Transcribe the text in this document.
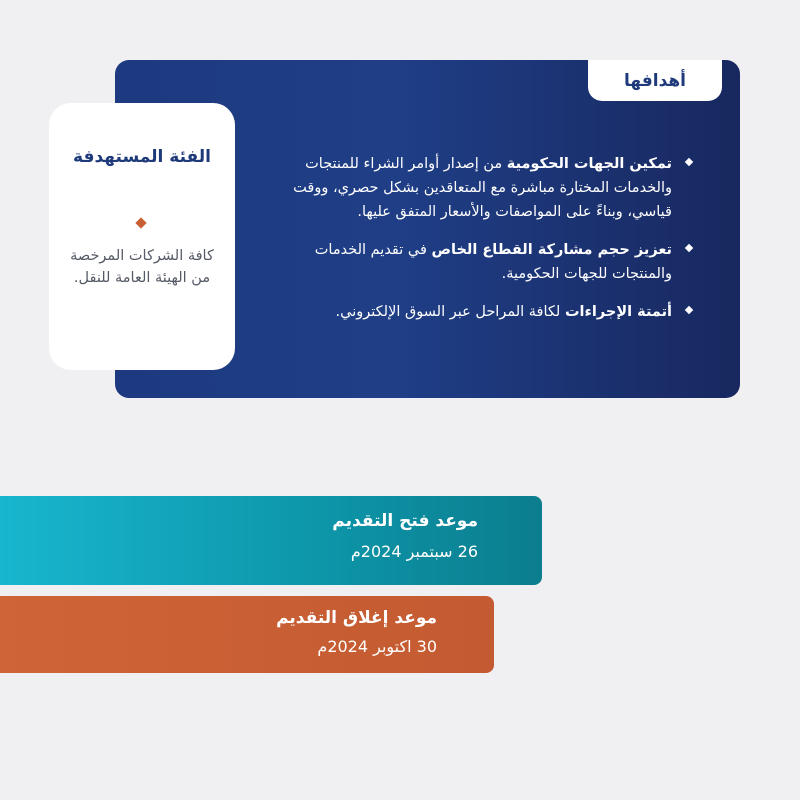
أهدافها
تمكين الجهات الحكومية من إصدار أوامر الشراء للمنتجات والخدمات المختارة مباشرة مع المتعاقدين بشكل حصري، ووقت قياسي، وبناءً على المواصفات والأسعار المتفق عليها.
تعزيز حجم مشاركة القطاع الخاص في تقديم الخدمات والمنتجات للجهات الحكومية.
أتمتة الإجراءات لكافة المراحل عبر السوق الإلكتروني.
الفئة المستهدفة
كافة الشركات المرخصة من الهيئة العامة للنقل.
موعد فتح التقديم
26 سبتمبر 2024م
موعد إغلاق التقديم
30 اكتوبر 2024م
